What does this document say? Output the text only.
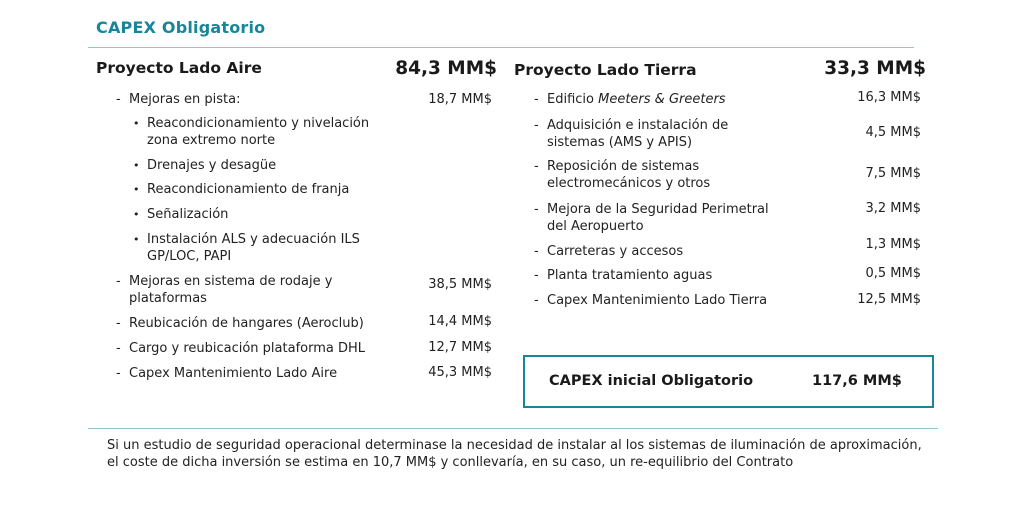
CAPEX Obligatorio
Proyecto Lado Aire	84,3 MM$
- Mejoras en pista:	18,7 MM$
• Reacondicionamiento y nivelación
zona extremo norte
• Drenajes y desagüe
• Reacondicionamiento de franja
• Señalización
• Instalación ALS y adecuación ILS
GP/LOC, PAPI
- Mejoras en sistema de rodaje y
plataformas
38,5 MM$
- Reubicación de hangares (Aeroclub)	14,4 MM$
- Cargo y reubicación plataforma DHL	12,7 MM$
- Capex Mantenimiento Lado Aire	45,3 MM$
Proyecto Lado Tierra	33,3 MM$
- Edificio Meeters & Greeters	16,3 MM$
- Adquisición e instalación de
sistemas (AMS y APIS)
4,5 MM$
- Reposición de sistemas
electromecánicos y otros
7,5 MM$
- Mejora de la Seguridad Perimetral
del Aeropuerto
3,2 MM$
- Carreteras y accesos	1,3 MM$
- Planta tratamiento aguas	0,5 MM$
- Capex Mantenimiento Lado Tierra	12,5 MM$
CAPEX inicial Obligatorio	117,6 MM$
Si un estudio de seguridad operacional determinase la necesidad de instalar al los sistemas de iluminación de aproximación, el coste de dicha inversión se estima en 10,7 MM$ y conllevaría, en su caso, un re-equilibrio del Contrato
